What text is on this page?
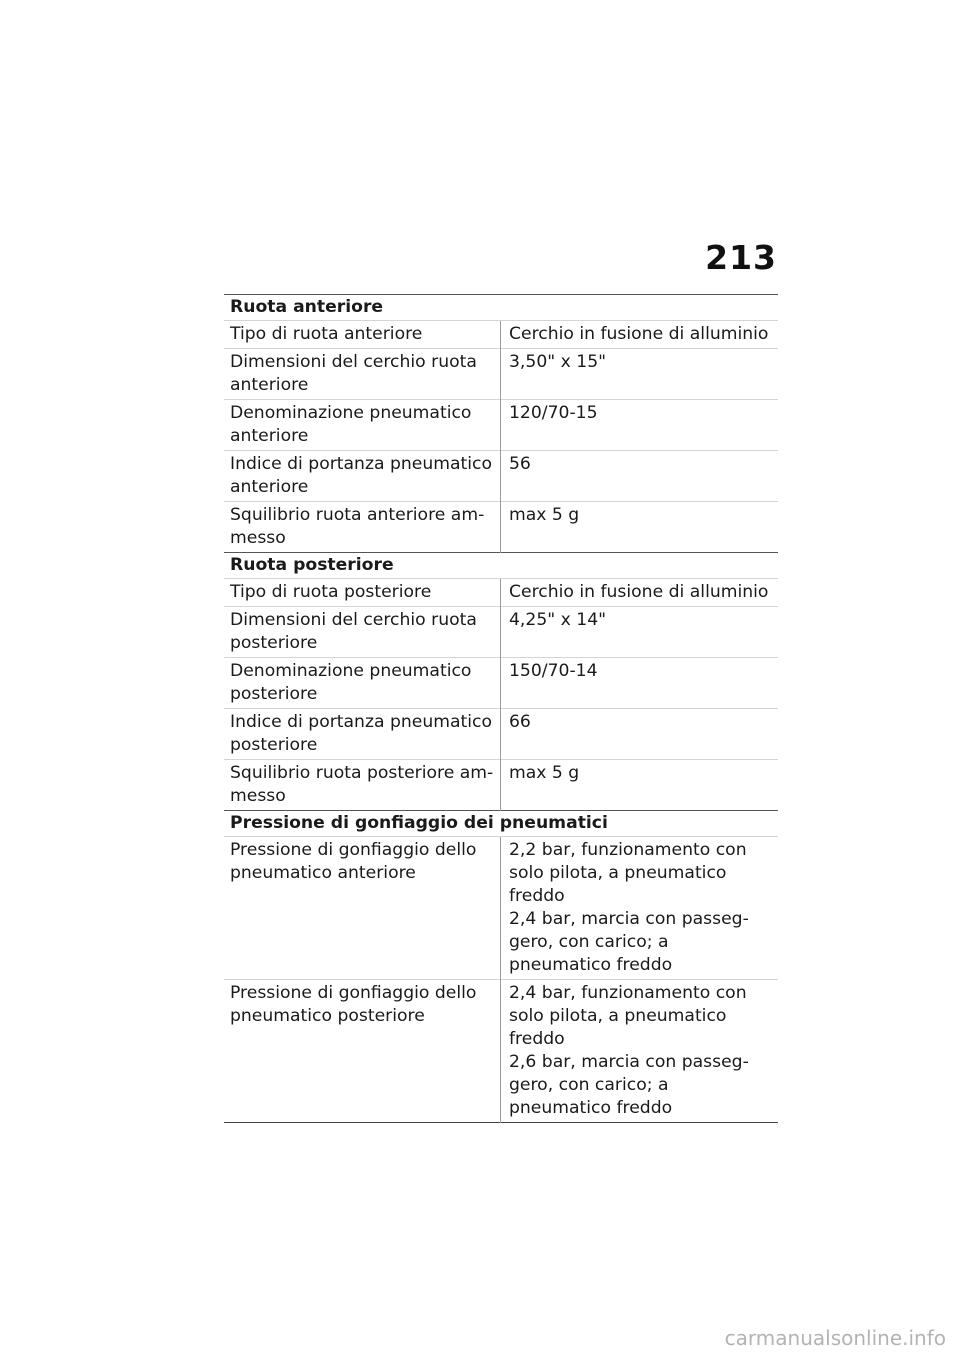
213
Ruota anteriore	
Tipo di ruota anteriore	Cerchio in fusione di alluminio

Dimensioni del cerchio ruota anteriore	3,50" x 15"

Denominazione pneumatico anteriore	120/70-15

Indice di portanza pneumatico anteriore	56

Squilibrio ruota anteriore ammesso	max 5 g

Ruota posteriore	
Tipo di ruota posteriore	Cerchio in fusione di alluminio

Dimensioni del cerchio ruota posteriore	4,25" x 14"

Denominazione pneumatico posteriore	150/70-14

Indice di portanza pneumatico posteriore	66

Squilibrio ruota posteriore ammesso	max 5 g

Pressione di gonfiaggio dei pneumatici	
Pressione di gonfiaggio dello pneumatico anteriore	2,2 bar, funzionamento con solo pilota, a pneumatico freddo
2,4 bar, marcia con passeggero, con carico; a pneumatico freddo

Pressione di gonfiaggio dello pneumatico posteriore	2,4 bar, funzionamento con solo pilota, a pneumatico freddo
2,6 bar, marcia con passeggero, con carico; a pneumatico freddo
carmanualsonline.info
